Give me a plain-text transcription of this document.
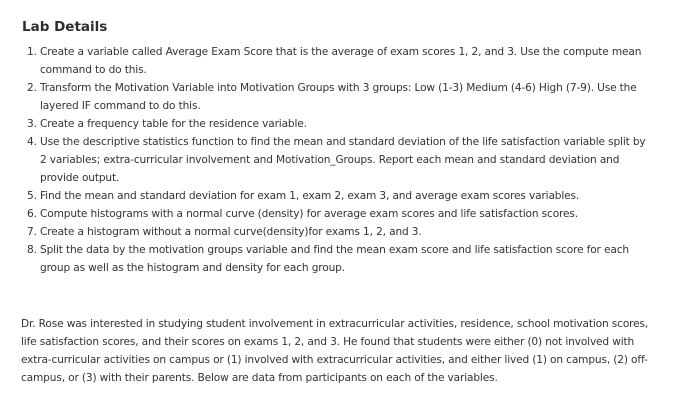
Lab Details
1. Create a variable called Average Exam Score that is the average of exam scores 1, 2, and 3. Use the compute mean command to do this.
2. Transform the Motivation Variable into Motivation Groups with 3 groups: Low (1-3) Medium (4-6) High (7-9). Use the layered IF command to do this.
3. Create a frequency table for the residence variable.
4. Use the descriptive statistics function to find the mean and standard deviation of the life satisfaction variable split by 2 variables; extra-curricular involvement and Motivation_Groups. Report each mean and standard deviation and provide output.
5. Find the mean and standard deviation for exam 1, exam 2, exam 3, and average exam scores variables.
6. Compute histograms with a normal curve (density) for average exam scores and life satisfaction scores.
7. Create a histogram without a normal curve(density)for exams 1, 2, and 3.
8. Split the data by the motivation groups variable and find the mean exam score and life satisfaction score for each group as well as the histogram and density for each group.

Dr. Rose was interested in studying student involvement in extracurricular activities, residence, school motivation scores, life satisfaction scores, and their scores on exams 1, 2, and 3. He found that students were either (0) not involved with extra-curricular activities on campus or (1) involved with extracurricular activities, and either lived (1) on campus, (2) off-campus, or (3) with their parents. Below are data from participants on each of the variables.
